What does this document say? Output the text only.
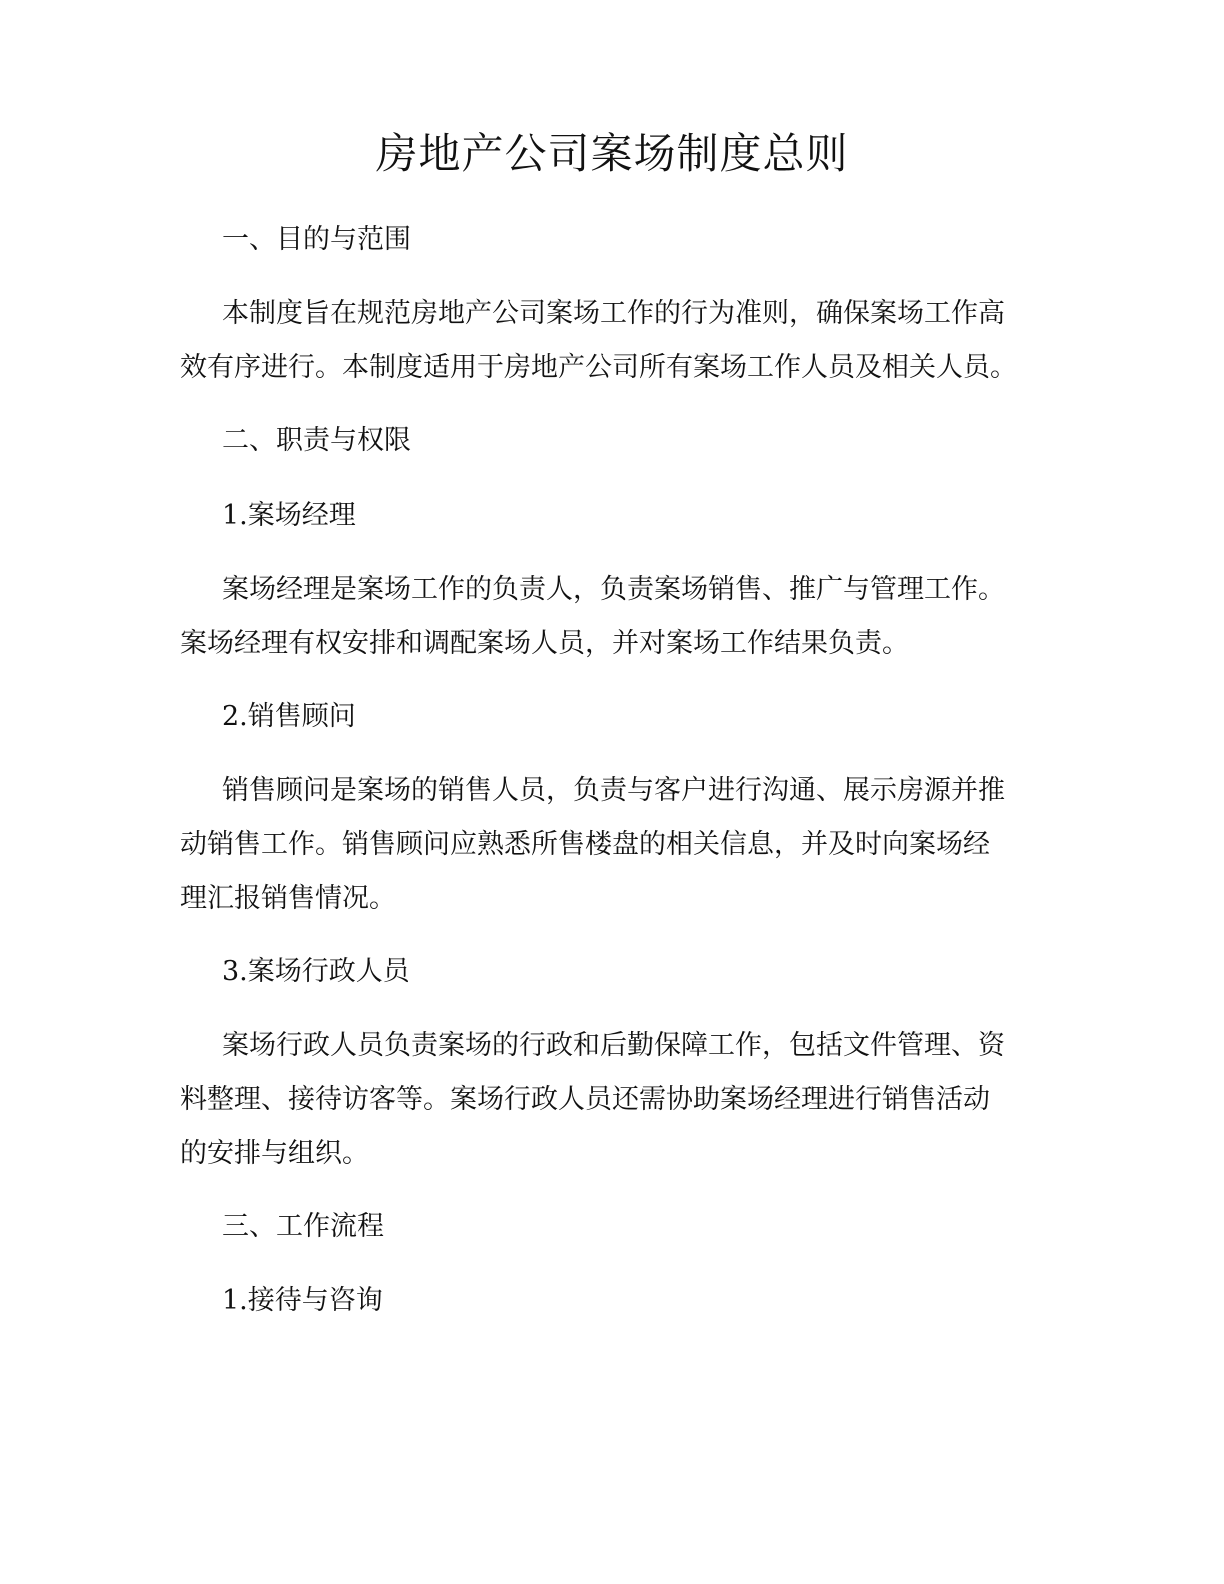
房地产公司案场制度总则

一、目的与范围

本制度旨在规范房地产公司案场工作的行为准则，确保案场工作高
效有序进行。本制度适用于房地产公司所有案场工作人员及相关人员。

二、职责与权限

1.案场经理

案场经理是案场工作的负责人，负责案场销售、推广与管理工作。
案场经理有权安排和调配案场人员，并对案场工作结果负责。

2.销售顾问

销售顾问是案场的销售人员，负责与客户进行沟通、展示房源并推
动销售工作。销售顾问应熟悉所售楼盘的相关信息，并及时向案场经
理汇报销售情况。

3.案场行政人员

案场行政人员负责案场的行政和后勤保障工作，包括文件管理、资
料整理、接待访客等。案场行政人员还需协助案场经理进行销售活动
的安排与组织。

三、工作流程

1.接待与咨询
